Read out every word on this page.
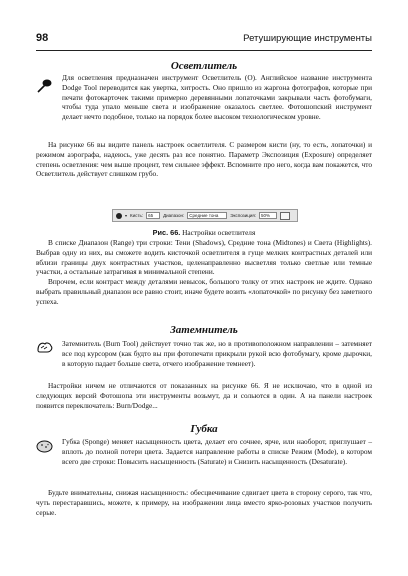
98	Ретуширующие инструменты
Осветлитель

Для осветления предназначен инструмент Осветлитель (O). Английское название инструмента Dodge Tool переводится как увертка, хитрость. Оно пришло из жаргона фотографов, которые при печати фотокарточек такими примерно деревянными лопаточками закрывали часть фотобумаги, чтобы туда упало меньше света и изображение оказалось светлее. Фотошопский инструмент делает нечто подобное, только на порядок более высоком технологическом уровне.

На рисунке 66 вы видите панель настроек осветлителя. С размером кисти (ну, то есть, лопаточки) и режимом аэрографа, надеюсь, уже десять раз все понятно. Параметр Экспозиция (Exposure) определяет степень осветления: чем выше процент, тем сильнее эффект. Вспомните про него, когда вам покажется, что Осветлитель действует слишком грубо.

▾ Кисть: 65 Диапазон: Средние тона	Экспозиция: 50%
Рис. 66. Настройки осветлителя

В списке Диапазон (Range) три строки: Тени (Shadows), Средние тона (Midtones) и Света (Highlights). Выбрав одну из них, вы сможете водить кисточкой осветлителя в гуще мелких контрастных деталей или вблизи границы двух контрастных участков, целенаправленно высветляя только светлые или темные участки, а остальные затрагивая в минимальной степени.

Впрочем, если контраст между деталями невысок, большого толку от этих настроек не ждите. Однако выбрать правильный диапазон все равно стоит, иначе будете возить «лопаточкой» по рисунку без заметного успеха.

Затемнитель

Затемнитель (Burn Tool) действует точно так же, но в противоположном направлении – затемняет все под курсором (как будто вы при фотопечати прикрыли рукой всю фотобумагу, кроме дырочки, в которую падает больше света, отчего изображение темнеет).

Настройки ничем не отличаются от показанных на рисунке 66. Я не исключаю, что в одной из следующих версий Фотошопа эти инструменты возьмут, да и сольются в один. А на панели настроек появится переключатель: Burn/Dodge...

Губка

Губка (Sponge) меняет насыщенность цвета, делает его сочнее, ярче, или наоборот, приглушает – вплоть до полной потери цвета. Задается направление работы в списке Режим (Mode), в котором всего две строки: Повысить насыщенность (Saturate) и Снизить насыщенность (Desaturate).

Будьте внимательны, снижая насыщенность: обесцвечивание сдвигает цвета в сторону серого, так что, чуть перестаравшись, можете, к примеру, на изображении лица вместо ярко-розовых участков получить серые.
